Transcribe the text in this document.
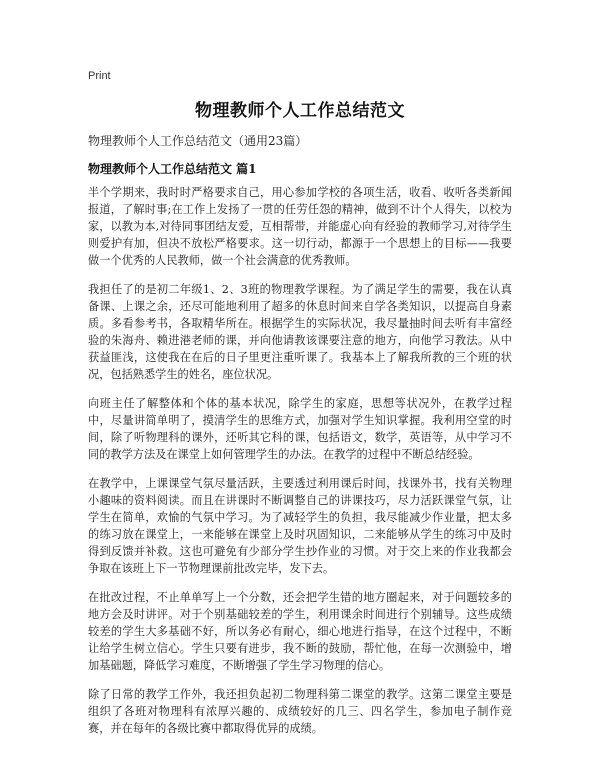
Print
物理教师个人工作总结范文
物理教师个人工作总结范文（通用23篇）
物理教师个人工作总结范文 篇1

半个学期来，我时时严格要求自己，用心参加学校的各项生活，收看、收听各类新闻报道，了解时事;在工作上发扬了一贯的任劳任怨的精神，做到不计个人得失，以校为家，以教为本,对待同事团结友爱，互相帮带，并能虚心向有经验的教师学习,对待学生则爱护有加，但决不放松严格要求。这一切行动，都源于一个思想上的目标——我要做一个优秀的人民教师，做一个社会满意的优秀教师。

我担任了的是初二年级1、2、3班的物理教学课程。为了满足学生的需要，我在认真备课、上课之余，还尽可能地利用了超多的休息时间来自学各类知识，以提高自身素质。多看参考书，各取精华所在。根据学生的实际状况，我尽量抽时间去听有丰富经验的朱海舟、赖进港老师的课，并向他请教该课要注意的地方，向他学习教法。从中获益匪浅，这使我在在后的日子里更注重听课了。我基本上了解我所教的三个班的状况，包括熟悉学生的姓名，座位状况。

向班主任了解整体和个体的基本状况，除学生的家庭，思想等状况外，在教学过程中，尽量讲简单明了，摸清学生的思维方式，加强对学生知识掌握。我利用空堂的时间，除了听物理科的课外，还听其它科的课，包括语文，数学，英语等，从中学习不同的教学方法及在课堂上如何管理学生的办法。在教学的过程中不断总结经验。

在教学中，上课课堂气氛尽量活跃，主要透过利用课后时间，找课外书，找有关物理小趣味的资料阅读。而且在讲课时不断调整自己的讲课技巧，尽力活跃课堂气氛，让学生在简单，欢愉的气氛中学习。为了减轻学生的负担，我尽能减少作业量，把太多的练习放在课堂上，一来能够在课堂上及时巩固知识，二来能够从学生的练习中及时得到反馈并补救。这也可避免有少部分学生抄作业的习惯。对于交上来的作业我都会争取在该班上下一节物理课前批改完毕，发下去。

在批改过程，不止单单写上一个分数，还会把学生错的地方圈起来，对于问题较多的地方会及时讲评。对于个别基础较差的学生，利用课余时间进行个别辅导。这些成绩较差的学生大多基础不好，所以务必有耐心，细心地进行指导，在这个过程中，不断让给学生树立信心。学生只要有进步，我不断的鼓励，帮忙他，在每一次测验中，增加基础题，降低学习难度，不断增强了学生学习物理的信心。

除了日常的教学工作外，我还担负起初二物理科第二课堂的教学。这第二课堂主要是组织了各班对物理科有浓厚兴趣的、成绩较好的几三、四名学生，参加电子制作竞赛，并在每年的各级比赛中都取得优异的成绩。
